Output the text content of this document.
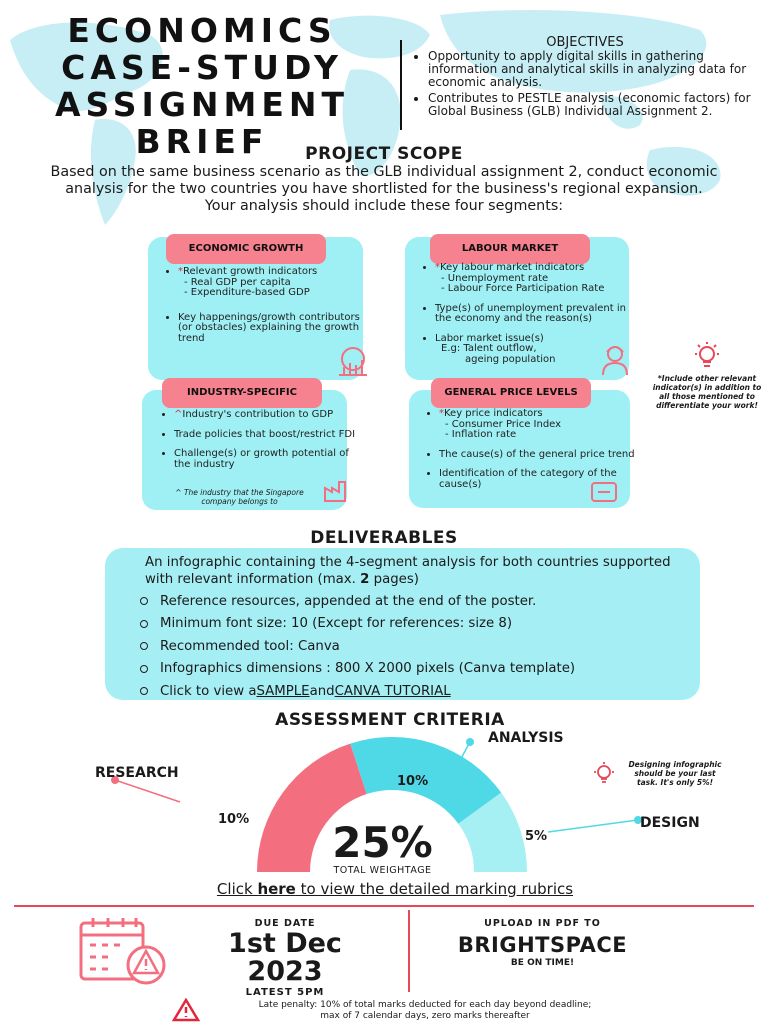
ECONOMICS
CASE-STUDY
ASSIGNMENT
BRIEF
OBJECTIVES
• Opportunity to apply digital skills in gathering information and analytical skills in analyzing data for economic analysis.
• Contributes to PESTLE analysis (economic factors) for Global Business (GLB) Individual Assignment 2.
PROJECT SCOPE
Based on the same business scenario as the GLB individual assignment 2, conduct economic analysis for the two countries you have shortlisted for the business's regional expansion.
Your analysis should include these four segments:
ECONOMIC GROWTH
• *Relevant growth indicators
- Real GDP per capita
- Expenditure-based GDP
• Key happenings/growth contributors (or obstacles) explaining the growth trend
LABOUR MARKET
• *Key labour market indicators
- Unemployment rate
- Labour Force Participation Rate
• Type(s) of unemployment prevalent in the economy and the reason(s)
• Labor market issue(s)
E.g: Talent outflow,
ageing population
*Include other relevant indicator(s) in addition to all those mentioned to differentiate your work!
INDUSTRY-SPECIFIC
• ^Industry's contribution to GDP
• Trade policies that boost/restrict FDI
• Challenge(s) or growth potential of the industry
^ The industry that the Singapore company belongs to
GENERAL PRICE LEVELS
• *Key price indicators
- Consumer Price Index
- Inflation rate
• The cause(s) of the general price trend
• Identification of the category of the cause(s)
DELIVERABLES
An infographic containing the 4-segment analysis for both countries supported with relevant information (max. 2 pages)
Reference resources, appended at the end of the poster.
Minimum font size: 10 (Except for references: size 8)
Recommended tool: Canva
Infographics dimensions : 800 X 2000 pixels (Canva template)
Click to view a SAMPLE and CANVA TUTORIAL
ASSESSMENT CRITERIA
RESEARCH
ANALYSIS
DESIGN
10%
10%
5%
25%
TOTAL WEIGHTAGE
Designing infographic should be your last task. It's only 5%!
Click here to view the detailed marking rubrics
DUE DATE
1st Dec
2023
LATEST 5PM
UPLOAD IN PDF TO
BRIGHTSPACE
BE ON TIME!
Late penalty: 10% of total marks deducted for each day beyond deadline;
max of 7 calendar days, zero marks thereafter
